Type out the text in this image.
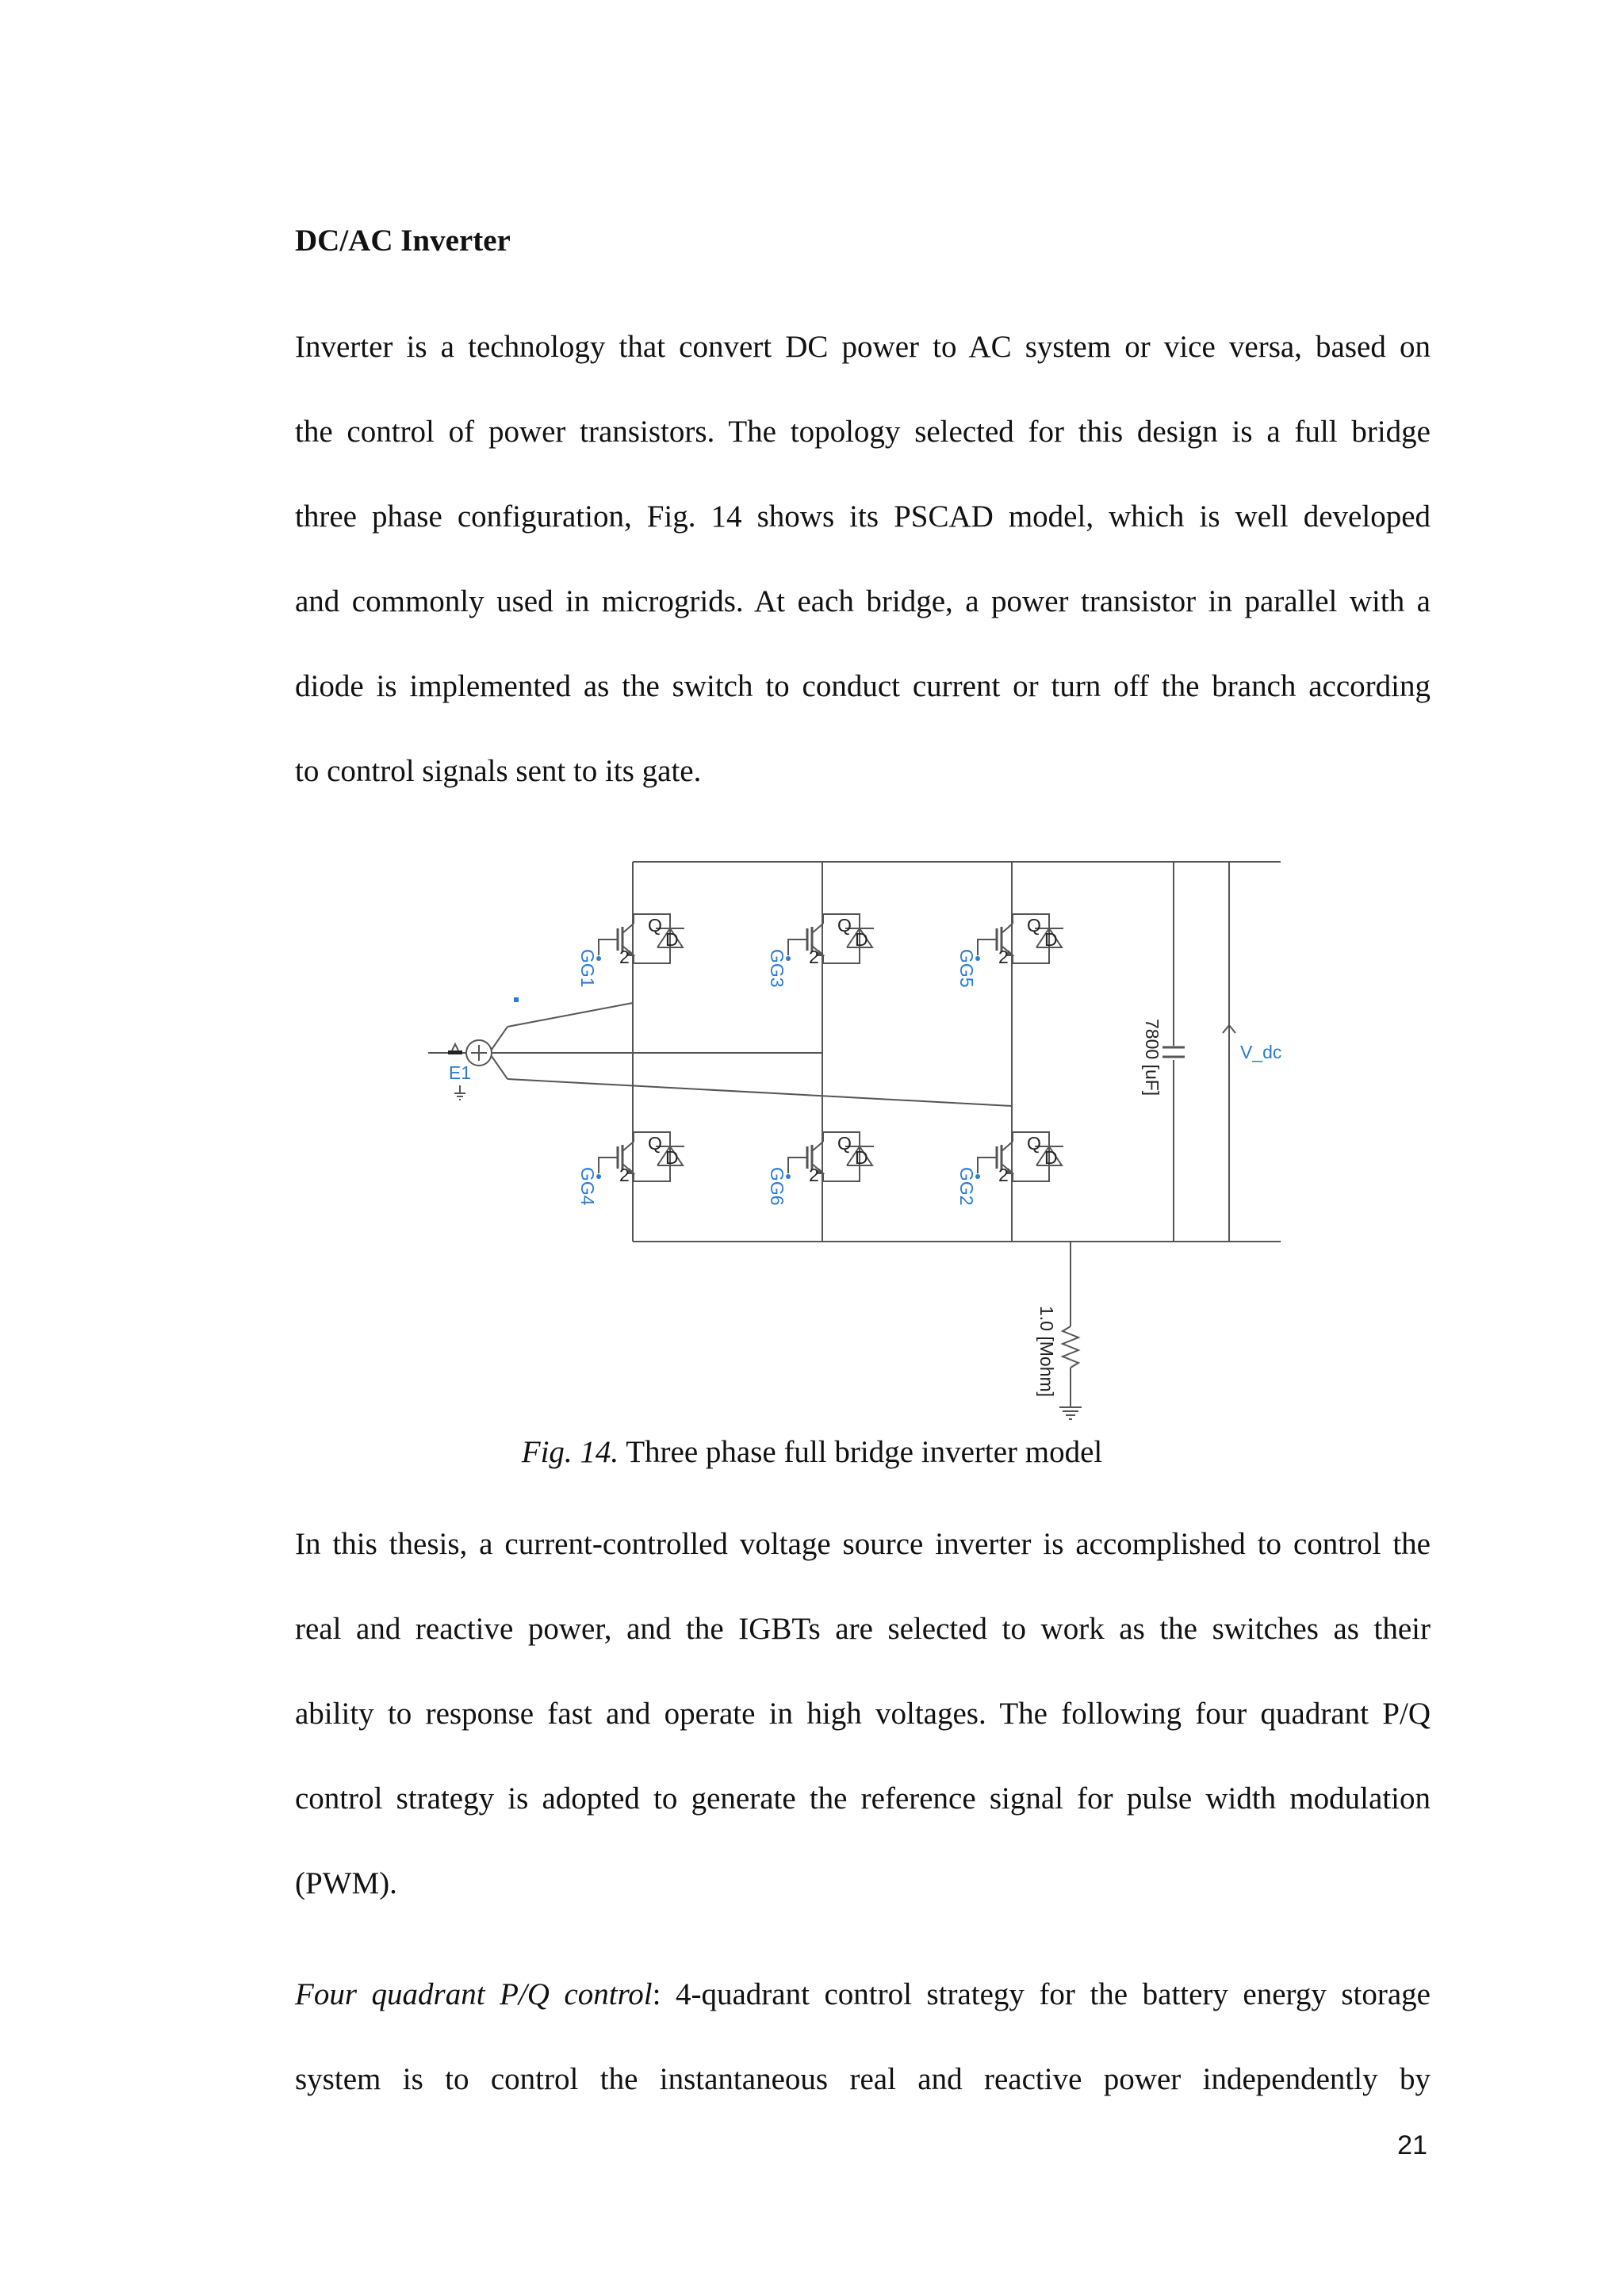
DC/AC Inverter
Inverter is a technology that convert DC power to AC system or vice versa, based on
the control of power transistors. The topology selected for this design is a full bridge
three phase configuration, Fig. 14 shows its PSCAD model, which is well developed
and commonly used in microgrids. At each bridge, a power transistor in parallel with a
diode is implemented as the switch to conduct current or turn off the branch according
to control signals sent to its gate.
E1
Q
D
2
GG1
Q
D
2
GG3
Q
D
2
GG5
Q
D
2
GG4
Q
D
2
GG6
Q
D
2
GG2
7800 [uF]	V_dc
1.0 [Mohm]

Fig. 14. Three phase full bridge inverter model

In this thesis, a current-controlled voltage source inverter is accomplished to control the
real and reactive power, and the IGBTs are selected to work as the switches as their
ability to response fast and operate in high voltages. The following four quadrant P/Q
control strategy is adopted to generate the reference signal for pulse width modulation
(PWM).
Four quadrant P/Q control: 4-quadrant control strategy for the battery energy storage
system is to control the instantaneous real and reactive power independently by
21
